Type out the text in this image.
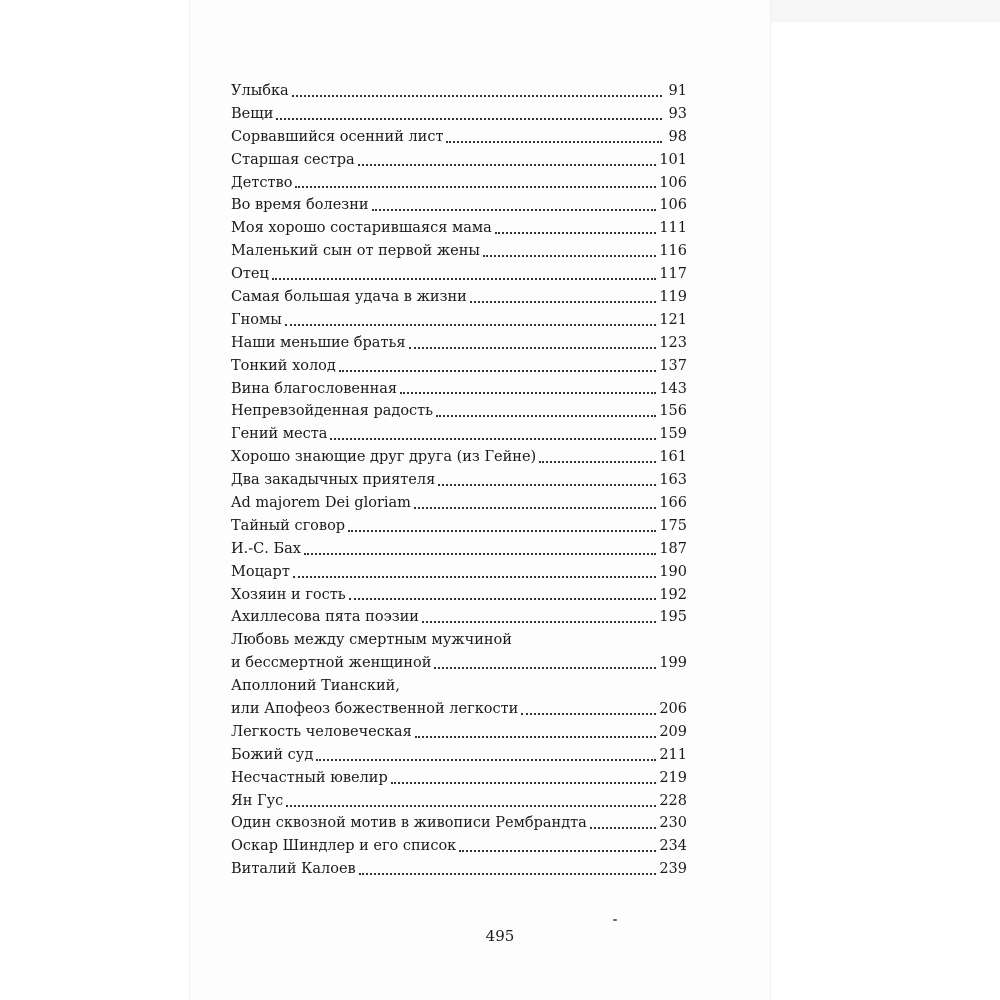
Улыбка	91
Вещи	93
Сорвавшийся осенний лист	98
Старшая сестра	101
Детство	106
Во время болезни	106
Моя хорошо состарившаяся мама	111
Маленький сын от первой жены	116
Отец	117
Самая большая удача в жизни	119
Гномы	121
Наши меньшие братья	123
Тонкий холод	137
Вина благословенная	143
Непревзойденная радость	156
Гений места	159
Хорошо знающие друг друга (из Гейне)	161
Два закадычных приятеля	163
Ad majorem Dei gloriam	166
Тайный сговор	175
И.-С. Бах	187
Моцарт	190
Хозяин и гость	192
Ахиллесова пята поэзии	195
Любовь между смертным мужчиной
и бессмертной женщиной	199
Аполлоний Тианский,
или Апофеоз божественной легкости	206
Легкость человеческая	209
Божий суд	211
Несчастный ювелир	219
Ян Гус	228
Один сквозной мотив в живописи Рембрандта	230
Оскар Шиндлер и его список	234
Виталий Калоев	239
495
